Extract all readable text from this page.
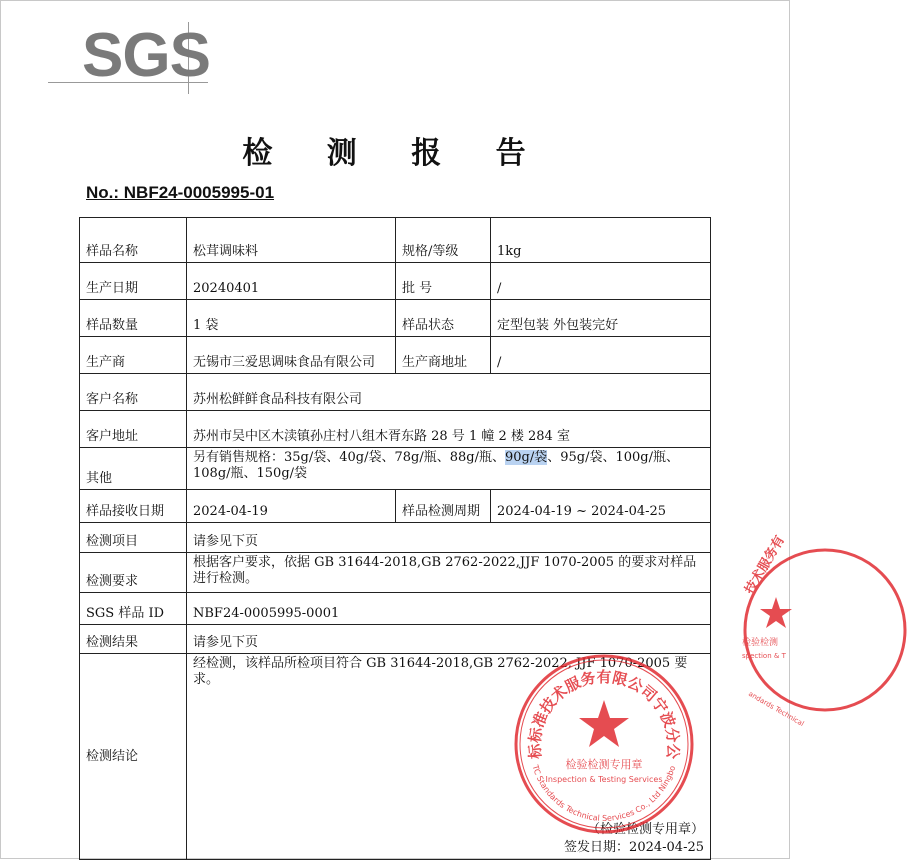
SGS
检 测 报 告
No.: NBF24-0005995-01
样品名称	松茸调味料	规格/等级	1kg
生产日期	20240401	批 号	/
样品数量	1 袋	样品状态	定型包装 外包装完好
生产商	无锡市三爱思调味食品有限公司	生产商地址	/
客户名称	苏州松鲜鲜食品科技有限公司		
客户地址	苏州市吴中区木渎镇孙庄村八组木胥东路 28 号 1 幢 2 楼 284 室		
其他	另有销售规格：35g/袋、40g/袋、78g/瓶、88g/瓶、90g/袋、95g/袋、100g/瓶、108g/瓶、150g/袋		
样品接收日期	2024-04-19	样品检测周期	2024-04-19 ~ 2024-04-25
检测项目	请参见下页		
检测要求	根据客户要求，依据 GB 31644-2018,GB 2762-2022,JJF 1070-2005 的要求对样品进行检测。		
SGS 样品 ID	NBF24-0005995-0001		
检测结果	请参见下页		
检测结论	经检测，该样品所检项目符合 GB 31644-2018,GB 2762-2022, JJF 1070-2005 要求。
（检验检测专用章）
签发日期：2024-04-25		
标标准技术服务有限公司宁波分公
TC Standards Technical Services Co., Ltd Ningbo
检验检测专用章
Inspection & Testing Services
技术服务有
检验检测
spection & T
andards Technical
